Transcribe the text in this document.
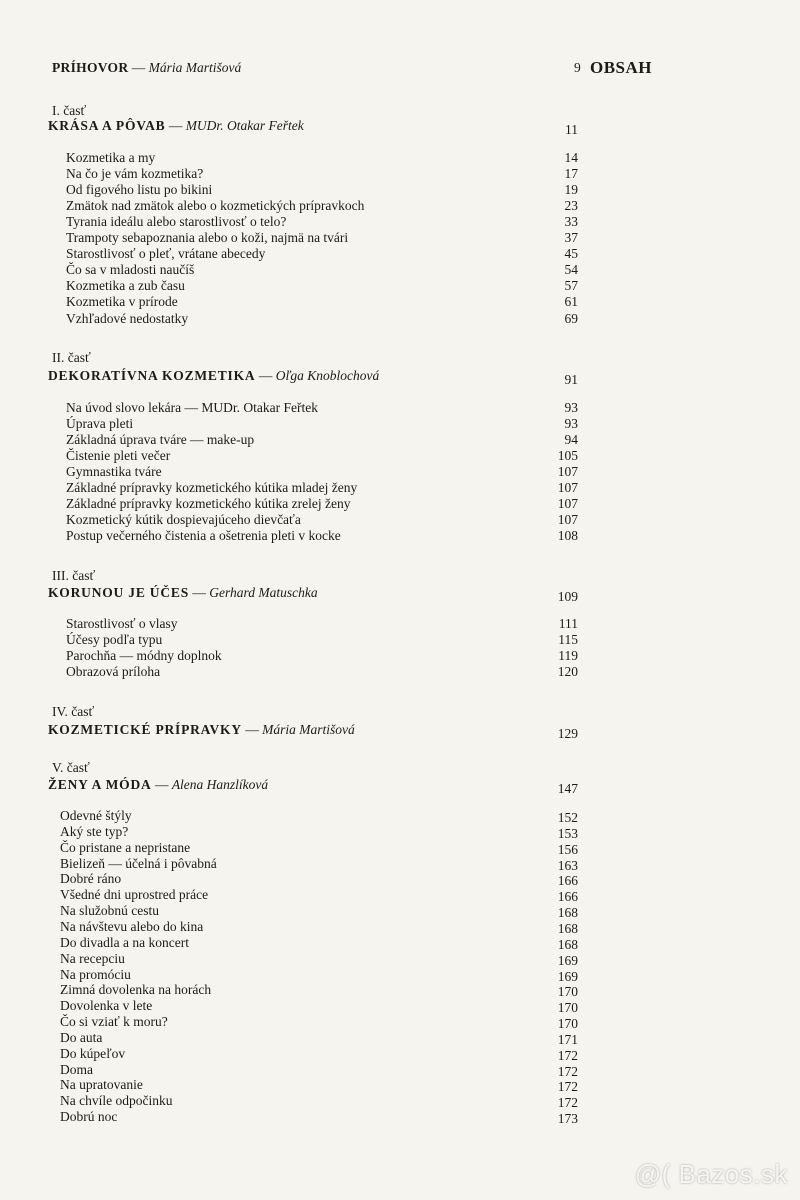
PRÍHOVOR — Mária Martišová	9 OBSAH
I. časť
KRÁSA A PÔVAB — MUDr. Otakar Feřtek	11
Kozmetika a my	14
Na čo je vám kozmetika?	17
Od figového listu po bikini	19
Zmätok nad zmätok alebo o kozmetických prípravkoch	23
Tyrania ideálu alebo starostlivosť o telo?	33
Trampoty sebapoznania alebo o koži, najmä na tvári	37
Starostlivosť o pleť, vrátane abecedy	45
Čo sa v mladosti naučíš	54
Kozmetika a zub času	57
Kozmetika v prírode	61
Vzhľadové nedostatky	69
II. časť
DEKORATÍVNA KOZMETIKA — Oľga Knoblochová	91
Na úvod slovo lekára — MUDr. Otakar Feřtek	93
Úprava pleti	93
Základná úprava tváre — make-up	94
Čistenie pleti večer	105
Gymnastika tváre	107
Základné prípravky kozmetického kútika mladej ženy	107
Základné prípravky kozmetického kútika zrelej ženy	107
Kozmetický kútik dospievajúceho dievčaťa	107
Postup večerného čistenia a ošetrenia pleti v kocke	108
III. časť
KORUNOU JE ÚČES — Gerhard Matuschka	109
Starostlivosť o vlasy	111
Účesy podľa typu	115
Parochňa — módny doplnok	119
Obrazová príloha	120
IV. časť
KOZMETICKÉ PRÍPRAVKY — Mária Martišová	129
V. časť
ŽENY A MÓDA — Alena Hanzlíková	147
Odevné štýly	152
Aký ste typ?	153
Čo pristane a nepristane	156
Bielizeň — účelná i pôvabná	163
Dobré ráno	166
Všedné dni uprostred práce	166
Na služobnú cestu	168
Na návštevu alebo do kina	168
Do divadla a na koncert	168
Na recepciu	169
Na promóciu	169
Zimná dovolenka na horách	170
Dovolenka v lete	170
Čo si vziať k moru?	170
Do auta	171
Do kúpeľov	172
Doma	172
Na upratovanie	172
Na chvíle odpočinku	172
Dobrú noc	173
@( Bazos.sk
